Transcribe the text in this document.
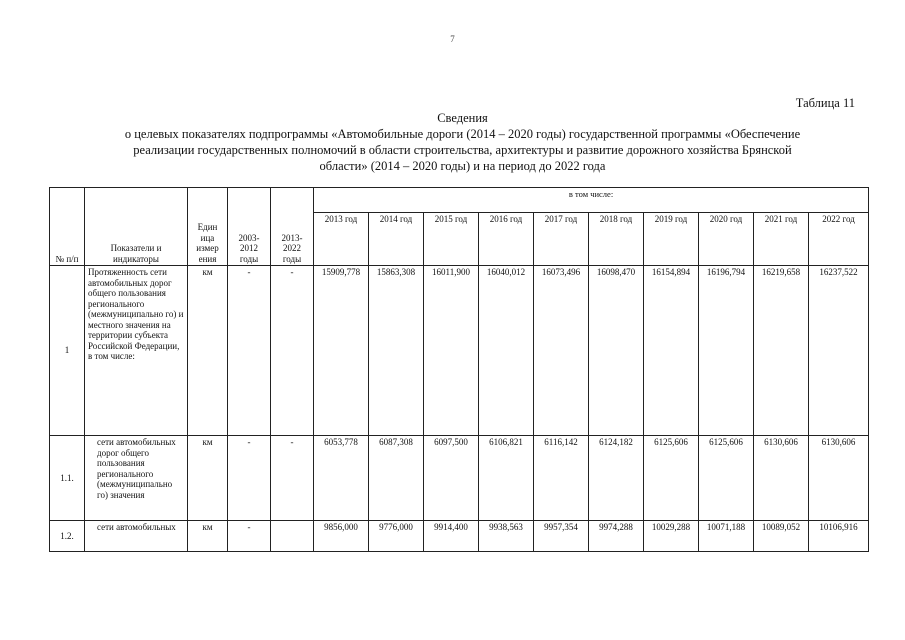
7
Таблица 11
Сведения
о целевых показателях подпрограммы «Автомобильные дороги (2014 – 2020 годы) государственной программы «Обеспечение
реализации государственных полномочий в области строительства, архитектуры и развитие дорожного хозяйства Брянской
области» (2014 – 2020 годы) и на период до 2022 года
№ п/п	Показатели и индикаторы	Един ица измер ения	2003- 2012 годы	2013- 2022 годы	в том числе:									
					2013 год	2014 год	2015 год	2016 год	2017 год	2018 год	2019 год	2020 год	2021 год	2022 год
1	Протяженность сети автомобильных дорог общего пользования регионального (межмуниципально го) и местного значения на территории субъекта Российской Федерации, в том числе:	км	-	-	15909,778	15863,308	16011,900	16040,012	16073,496	16098,470	16154,894	16196,794	16219,658	16237,522
1.1.	сети автомобильных дорог общего пользования регионального (межмуниципально го) значения	км	-	-	6053,778	6087,308	6097,500	6106,821	6116,142	6124,182	6125,606	6125,606	6130,606	6130,606
1.2.	сети автомобильных	км	-		9856,000	9776,000	9914,400	9938,563	9957,354	9974,288	10029,288	10071,188	10089,052	10106,916
